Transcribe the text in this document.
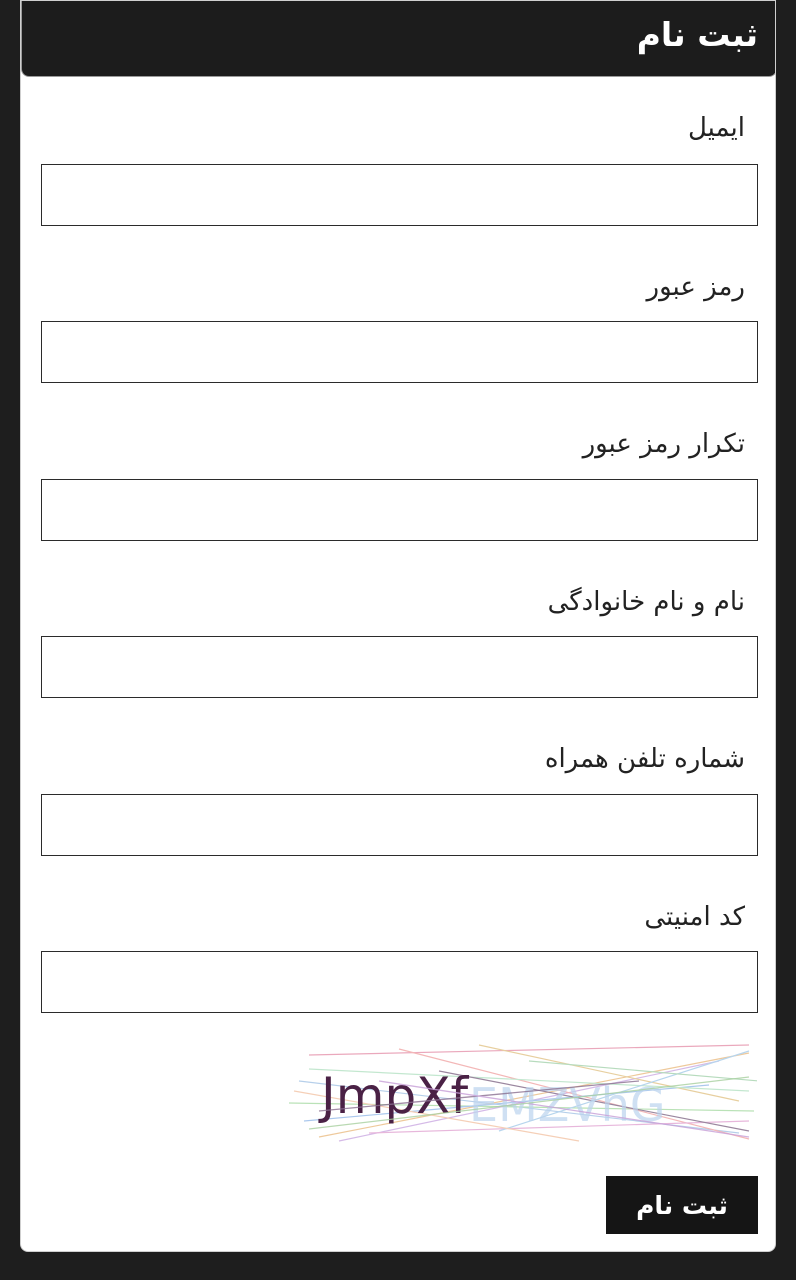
ثبت نام
ایمیل
رمز عبور
تکرار رمز عبور
نام و نام خانوادگی
شماره تلفن همراه
کد امنیتی
EMZVhG
JmpXf
ثبت نام
